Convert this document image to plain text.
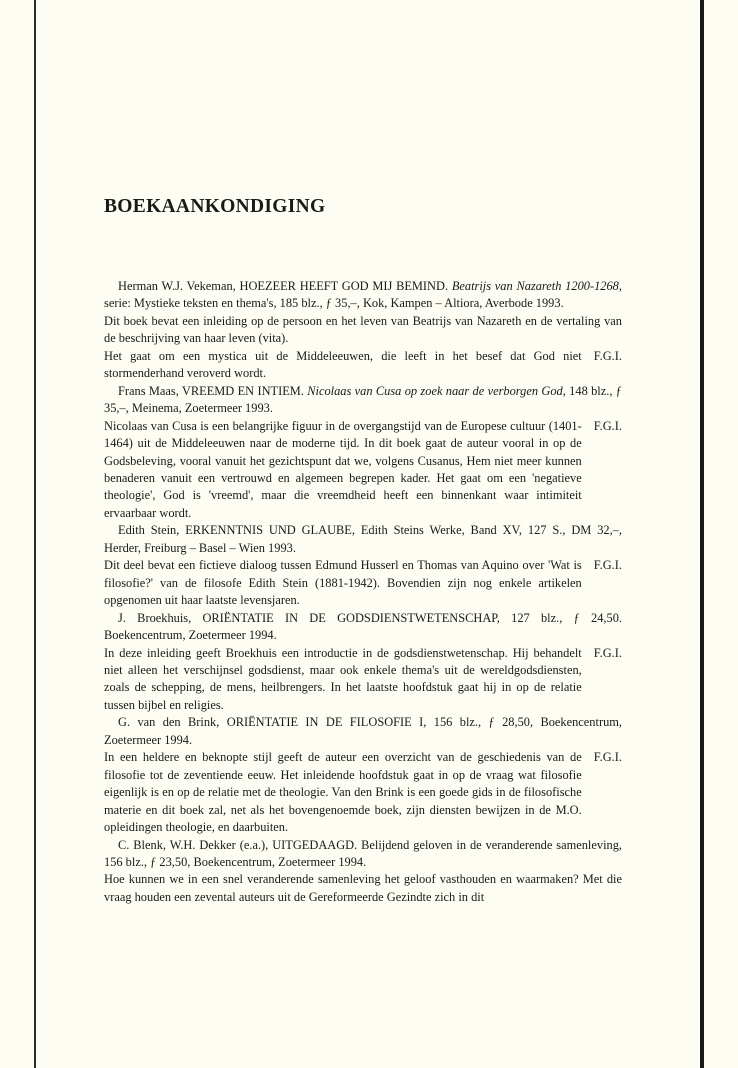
BOEKAANKONDIGING

Herman W.J. Vekeman, HOEZEER HEEFT GOD MIJ BEMIND. Beatrijs van Nazareth 1200-1268, serie: Mystieke teksten en thema's, 185 blz., ƒ 35,–, Kok, Kampen – Altiora, Averbode 1993.

Dit boek bevat een inleiding op de persoon en het leven van Beatrijs van Nazareth en de vertaling van de beschrijving van haar leven (vita).

Het gaat om een mystica uit de Middeleeuwen, die leeft in het besef dat God niet stormenderhand veroverd wordt.
F.G.I.

Frans Maas, VREEMD EN INTIEM. Nicolaas van Cusa op zoek naar de verborgen God, 148 blz., ƒ 35,–, Meinema, Zoetermeer 1993.

Nicolaas van Cusa is een belangrijke figuur in de overgangstijd van de Europese cultuur (1401-1464) uit de Middeleeuwen naar de moderne tijd. In dit boek gaat de auteur vooral in op de Godsbeleving, vooral vanuit het gezichtspunt dat we, volgens Cusanus, Hem niet meer kunnen benaderen vanuit een vertrouwd en algemeen begrepen kader. Het gaat om een 'negatieve theologie', God is 'vreemd', maar die vreemdheid heeft een binnenkant waar intimiteit ervaarbaar wordt.
F.G.I.

Edith Stein, ERKENNTNIS UND GLAUBE, Edith Steins Werke, Band XV, 127 S., DM 32,–, Herder, Freiburg – Basel – Wien 1993.

Dit deel bevat een fictieve dialoog tussen Edmund Husserl en Thomas van Aquino over 'Wat is filosofie?' van de filosofe Edith Stein (1881-1942). Bovendien zijn nog enkele artikelen opgenomen uit haar laatste levensjaren.
F.G.I.

J. Broekhuis, ORIËNTATIE IN DE GODSDIENSTWETENSCHAP, 127 blz., ƒ 24,50. Boekencentrum, Zoetermeer 1994.

In deze inleiding geeft Broekhuis een introductie in de godsdienstwetenschap. Hij behandelt niet alleen het verschijnsel godsdienst, maar ook enkele thema's uit de wereldgodsdiensten, zoals de schepping, de mens, heilbrengers. In het laatste hoofdstuk gaat hij in op de relatie tussen bijbel en religies.
F.G.I.

G. van den Brink, ORIËNTATIE IN DE FILOSOFIE I, 156 blz., ƒ 28,50, Boekencentrum, Zoetermeer 1994.

In een heldere en beknopte stijl geeft de auteur een overzicht van de geschiedenis van de filosofie tot de zeventiende eeuw. Het inleidende hoofdstuk gaat in op de vraag wat filosofie eigenlijk is en op de relatie met de theologie. Van den Brink is een goede gids in de filosofische materie en dit boek zal, net als het bovengenoemde boek, zijn diensten bewijzen in de M.O. opleidingen theologie, en daarbuiten.
F.G.I.

C. Blenk, W.H. Dekker (e.a.), UITGEDAAGD. Belijdend geloven in de veranderende samenleving, 156 blz., ƒ 23,50, Boekencentrum, Zoetermeer 1994.

Hoe kunnen we in een snel veranderende samenleving het geloof vasthouden en waarmaken? Met die vraag houden een zevental auteurs uit de Gereformeerde Gezindte zich in dit
